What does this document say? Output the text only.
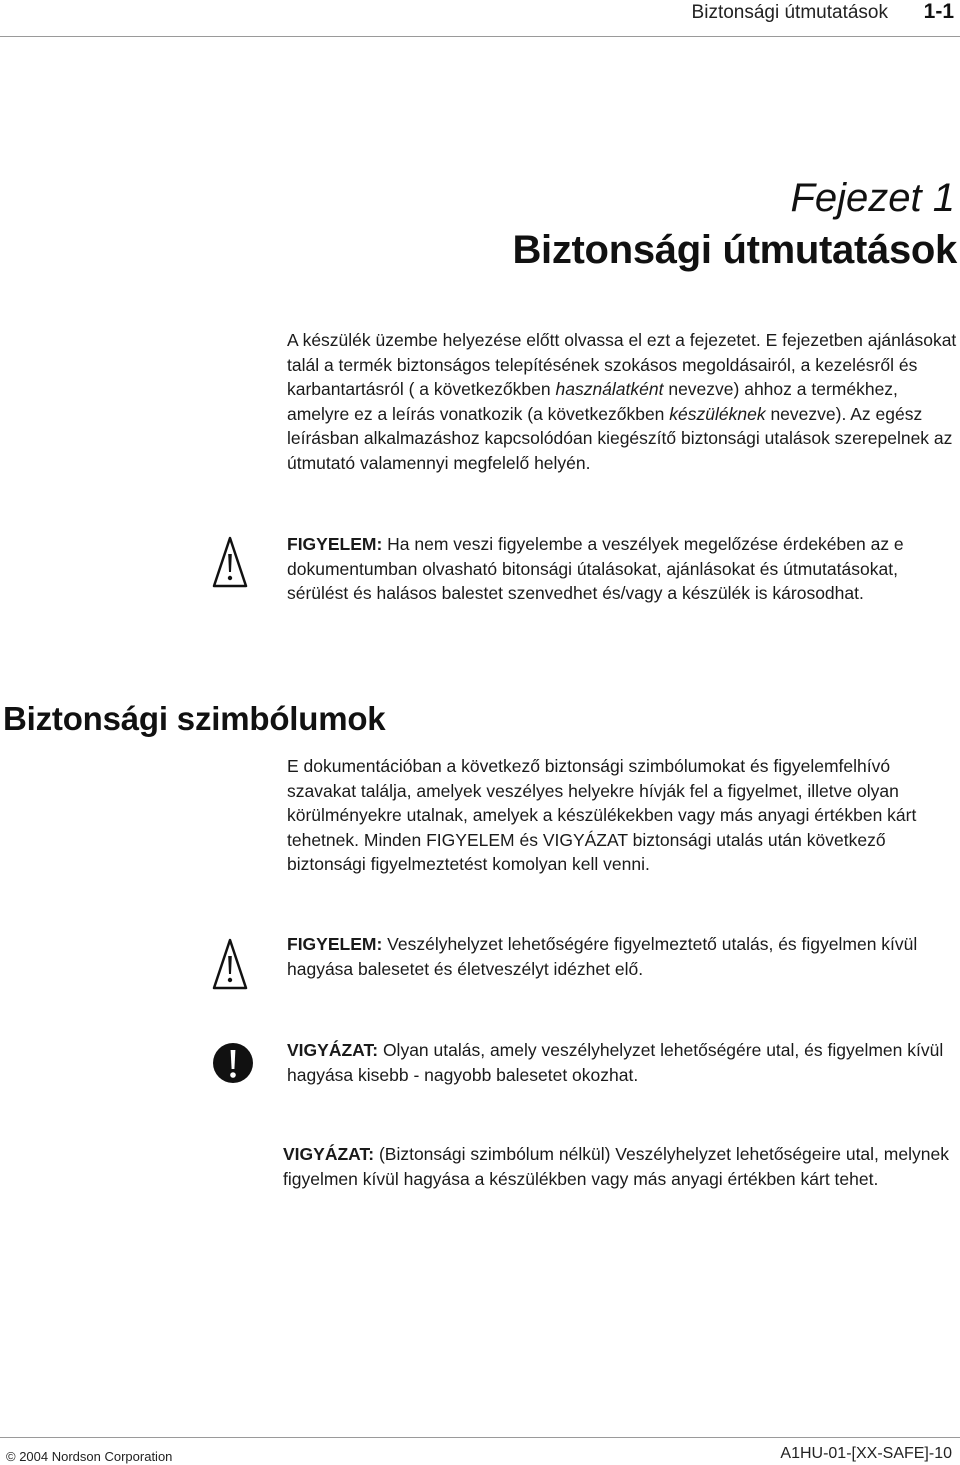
Biztonsági útmutatások 1-1
Fejezet 1
Biztonsági útmutatások
A készülék üzembe helyezése előtt olvassa el ezt a fejezetet. E fejezetben ajánlásokat talál a termék biztonságos telepítésének szokásos megoldásairól, a kezelésről és karbantartásról ( a következőkben használatként nevezve) ahhoz a termékhez, amelyre ez a leírás vonatkozik (a következőkben készüléknek nevezve). Az egész leírásban alkalmazáshoz kapcsolódóan kiegészítő biztonsági utalások szerepelnek az útmutató valamennyi megfelelő helyén.
FIGYELEM: Ha nem veszi figyelembe a veszélyek megelőzése érdekében az e dokumentumban olvasható bitonsági útalásokat, ajánlásokat és útmutatásokat, sérülést és halásos balestet szenvedhet és/vagy a készülék is károsodhat.
Biztonsági szimbólumok
E dokumentációban a következő biztonsági szimbólumokat és figyelemfelhívó szavakat találja, amelyek veszélyes helyekre hívják fel a figyelmet, illetve olyan körülményekre utalnak, amelyek a készülékekben vagy más anyagi értékben kárt tehetnek. Minden FIGYELEM és VIGYÁZAT biztonsági utalás után következő biztonsági figyelmeztetést komolyan kell venni.
FIGYELEM: Veszélyhelyzet lehetőségére figyelmeztető utalás, és figyelmen kívül hagyása balesetet és életveszélyt idézhet elő.
VIGYÁZAT: Olyan utalás, amely veszélyhelyzet lehetőségére utal, és figyelmen kívül hagyása kisebb - nagyobb balesetet okozhat.
VIGYÁZAT: (Biztonsági szimbólum nélkül) Veszélyhelyzet lehetőségeire utal, melynek figyelmen kívül hagyása a készülékben vagy más anyagi értékben kárt tehet.
© 2004 Nordson Corporation	A1HU-01-[XX-SAFE]-10
